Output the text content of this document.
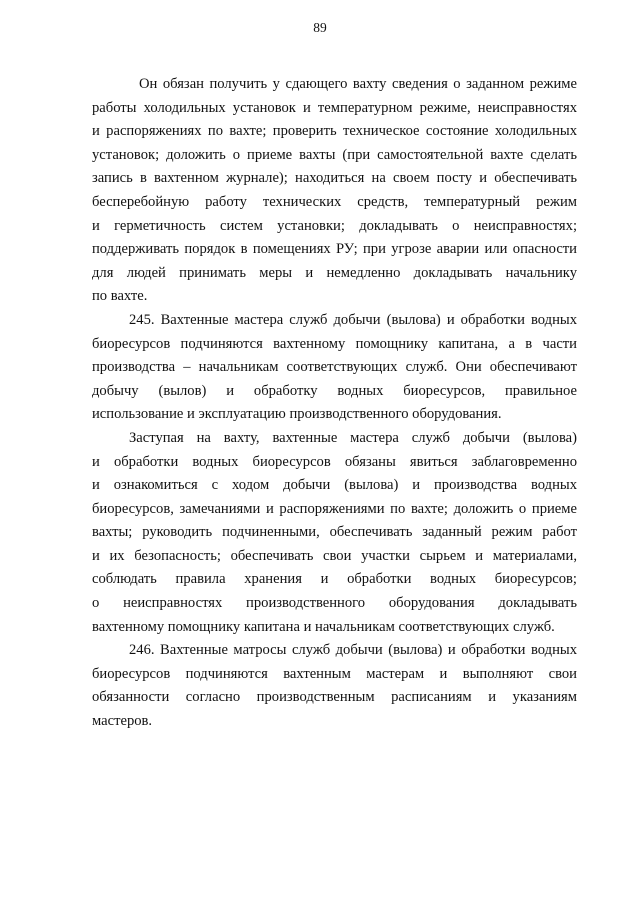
89
Он обязан получить у сдающего вахту сведения о заданном режиме
работы холодильных установок и температурном режиме, неисправностях
и распоряжениях по вахте; проверить техническое состояние холодильных
установок; доложить о приеме вахты (при самостоятельной вахте сделать
запись в вахтенном журнале); находиться на своем посту и обеспечивать
бесперебойную работу технических средств, температурный режим
и герметичность систем установки; докладывать о неисправностях;
поддерживать порядок в помещениях РУ; при угрозе аварии или опасности
для людей принимать меры и немедленно докладывать начальнику
по вахте.
245. Вахтенные мастера служб добычи (вылова) и обработки водных
биоресурсов подчиняются вахтенному помощнику капитана, а в части
производства – начальникам соответствующих служб. Они обеспечивают
добычу (вылов) и обработку водных биоресурсов, правильное
использование и эксплуатацию производственного оборудования.
Заступая на вахту, вахтенные мастера служб добычи (вылова)
и обработки водных биоресурсов обязаны явиться заблаговременно
и ознакомиться с ходом добычи (вылова) и производства водных
биоресурсов, замечаниями и распоряжениями по вахте; доложить о приеме
вахты; руководить подчиненными, обеспечивать заданный режим работ
и их безопасность; обеспечивать свои участки сырьем и материалами,
соблюдать правила хранения и обработки водных биоресурсов;
о неисправностях производственного оборудования докладывать
вахтенному помощнику капитана и начальникам соответствующих служб.
246. Вахтенные матросы служб добычи (вылова) и обработки водных
биоресурсов подчиняются вахтенным мастерам и выполняют свои
обязанности согласно производственным расписаниям и указаниям
мастеров.
